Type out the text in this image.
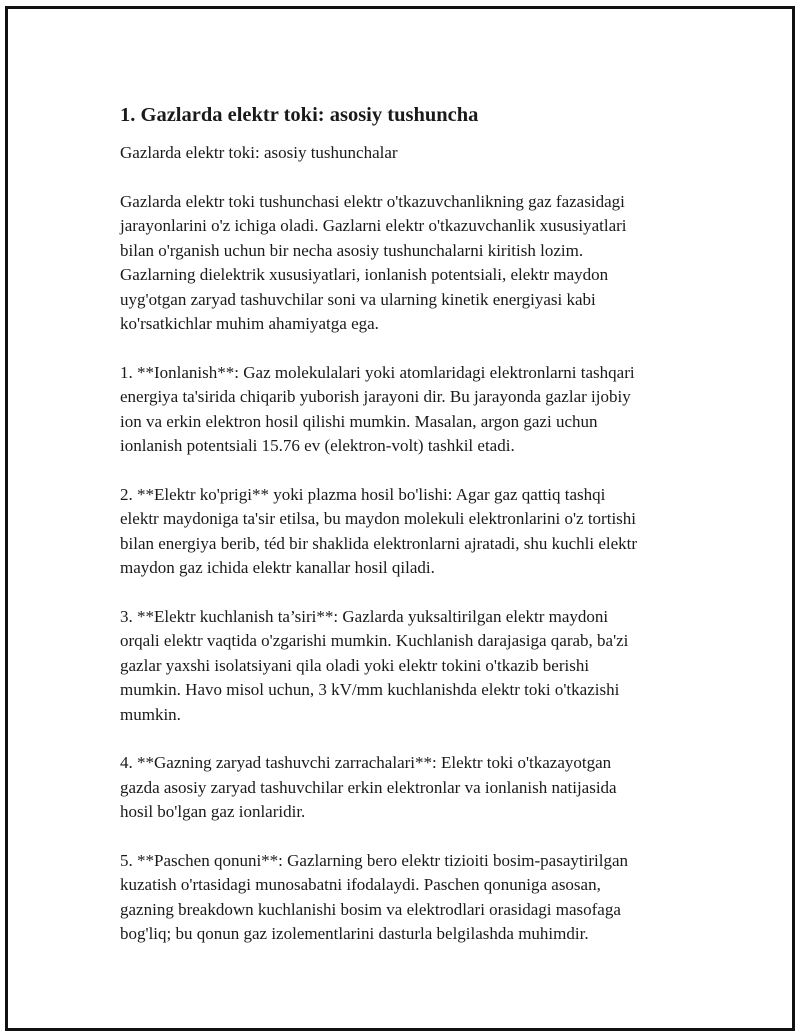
1. Gazlarda elektr toki: asosiy tushuncha
Gazlarda elektr toki: asosiy tushunchalar
Gazlarda elektr toki tushunchasi elektr o'tkazuvchanlikning gaz fazasidagi
jarayonlarini o'z ichiga oladi. Gazlarni elektr o'tkazuvchanlik xususiyatlari
bilan o'rganish uchun bir necha asosiy tushunchalarni kiritish lozim.
Gazlarning dielektrik xususiyatlari, ionlanish potentsiali, elektr maydon
uyg'otgan zaryad tashuvchilar soni va ularning kinetik energiyasi kabi
ko'rsatkichlar muhim ahamiyatga ega.
1. **Ionlanish**: Gaz molekulalari yoki atomlaridagi elektronlarni tashqari
energiya ta'sirida chiqarib yuborish jarayoni dir. Bu jarayonda gazlar ijobiy
ion va erkin elektron hosil qilishi mumkin. Masalan, argon gazi uchun
ionlanish potentsiali 15.76 ev (elektron-volt) tashkil etadi.
2. **Elektr ko'prigi** yoki plazma hosil bo'lishi: Agar gaz qattiq tashqi
elektr maydoniga ta'sir etilsa, bu maydon molekuli elektronlarini o'z tortishi
bilan energiya berib, téd bir shaklida elektronlarni ajratadi, shu kuchli elektr
maydon gaz ichida elektr kanallar hosil qiladi.
3. **Elektr kuchlanish ta’siri**: Gazlarda yuksaltirilgan elektr maydoni
orqali elektr vaqtida o'zgarishi mumkin. Kuchlanish darajasiga qarab, ba'zi
gazlar yaxshi isolatsiyani qila oladi yoki elektr tokini o'tkazib berishi
mumkin. Havo misol uchun, 3 kV/mm kuchlanishda elektr toki o'tkazishi
mumkin.
4. **Gazning zaryad tashuvchi zarrachalari**: Elektr toki o'tkazayotgan
gazda asosiy zaryad tashuvchilar erkin elektronlar va ionlanish natijasida
hosil bo'lgan gaz ionlaridir.
5. **Paschen qonuni**: Gazlarning bero elektr tizioiti bosim-pasaytirilgan
kuzatish o'rtasidagi munosabatni ifodalaydi. Paschen qonuniga asosan,
gazning breakdown kuchlanishi bosim va elektrodlari orasidagi masofaga
bog'liq; bu qonun gaz izolementlarini dasturla belgilashda muhimdir.
